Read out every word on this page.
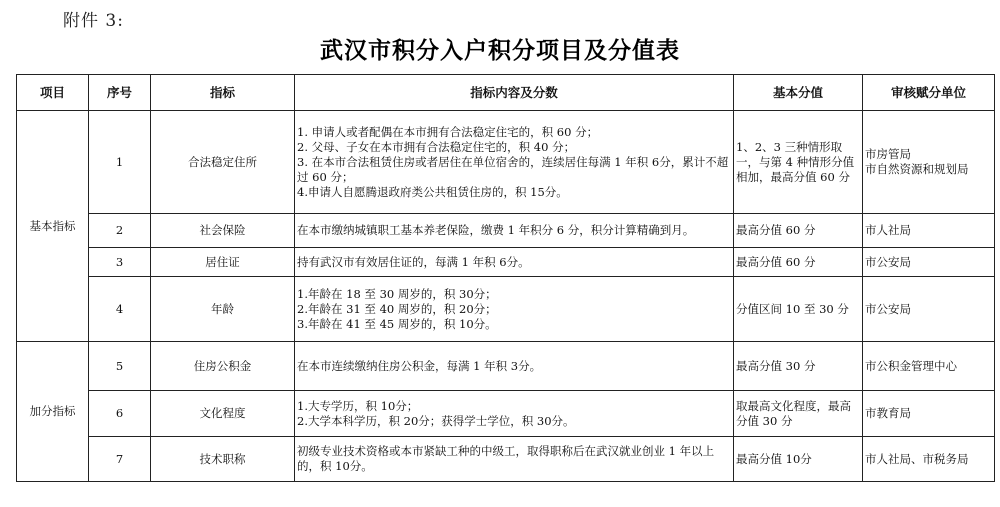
附件 3:
武汉市积分入户积分项目及分值表
项目	序号	指标	指标内容及分数	基本分值	审核赋分单位
基本指标	1	合法稳定住所	1. 申请人或者配偶在本市拥有合法稳定住宅的，积 60 分；
2. 父母、子女在本市拥有合法稳定住宅的，积 40 分；
3. 在本市合法租赁住房或者居住在单位宿舍的，连续居住每满 1 年积 6分，累计不超过 60 分；
4.申请人自愿腾退政府类公共租赁住房的，积 15分。	1、2、3 三种情形取一，与第 4 种情形分值相加，最高分值 60 分	市房管局
市自然资源和规划局

	2	社会保险	在本市缴纳城镇职工基本养老保险，缴费 1 年积分 6 分，积分计算精确到月。	最高分值 60 分	市人社局

	3	居住证	持有武汉市有效居住证的，每满 1 年积 6分。	最高分值 60 分	市公安局

	4	年龄	1.年龄在 18 至 30 周岁的，积 30分；
2.年龄在 31 至 40 周岁的，积 20分；
3.年龄在 41 至 45 周岁的，积 10分。	分值区间 10 至 30 分	市公安局

加分指标	5	住房公积金	在本市连续缴纳住房公积金，每满 1 年积 3分。	最高分值 30 分	市公积金管理中心

	6	文化程度	1.大专学历，积 10分；
2.大学本科学历，积 20分；获得学士学位，积 30分。	取最高文化程度，最高分值 30 分	市教育局

	7	技术职称	初级专业技术资格或本市紧缺工种的中级工，取得职称后在武汉就业创业 1 年以上的，积 10分。	最高分值 10分	市人社局、市税务局
